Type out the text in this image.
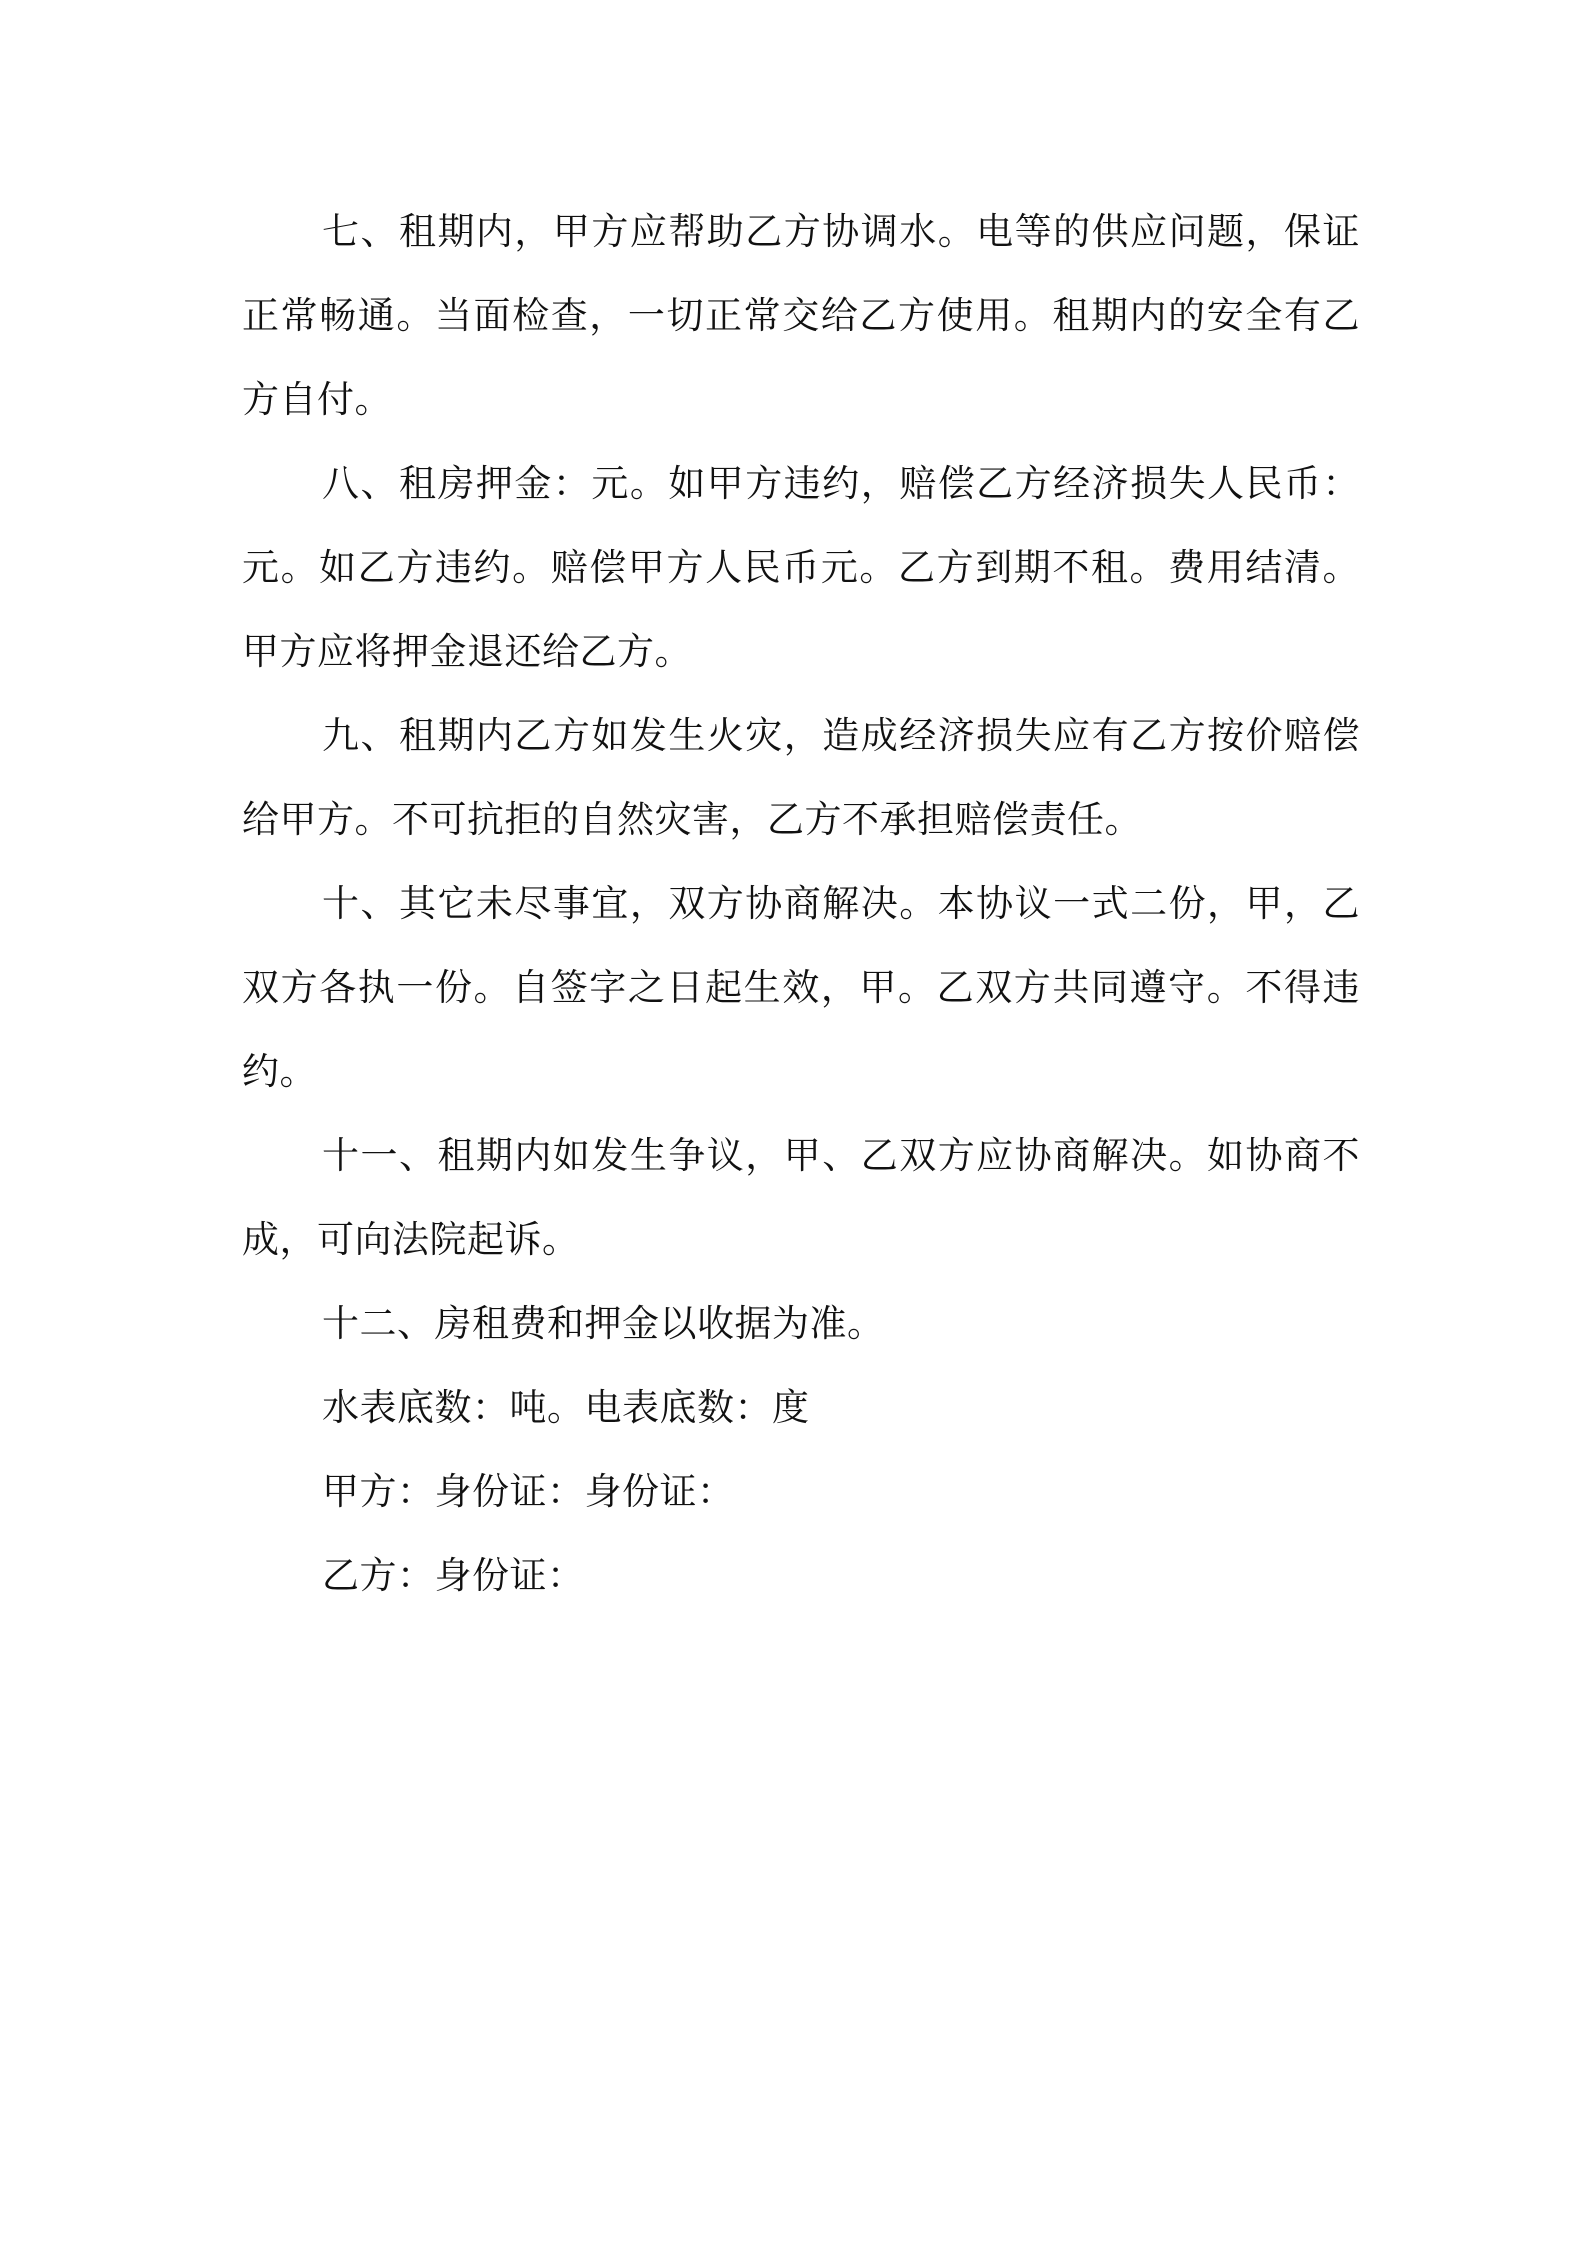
七、租期内，甲方应帮助乙方协调水。电等的供应问题，保证正常畅通。当面检查，一切正常交给乙方使用。租期内的安全有乙方自付。

八、租房押金：元。如甲方违约，赔偿乙方经济损失人民币：元。如乙方违约。赔偿甲方人民币元。乙方到期不租。费用结清。甲方应将押金退还给乙方。

九、租期内乙方如发生火灾，造成经济损失应有乙方按价赔偿给甲方。不可抗拒的自然灾害，乙方不承担赔偿责任。

十、其它未尽事宜，双方协商解决。本协议一式二份，甲，乙双方各执一份。自签字之日起生效，甲。乙双方共同遵守。不得违约。

十一、租期内如发生争议，甲、乙双方应协商解决。如协商不成，可向法院起诉。

十二、房租费和押金以收据为准。

水表底数：吨。电表底数：度

甲方：身份证：身份证：

乙方：身份证：
